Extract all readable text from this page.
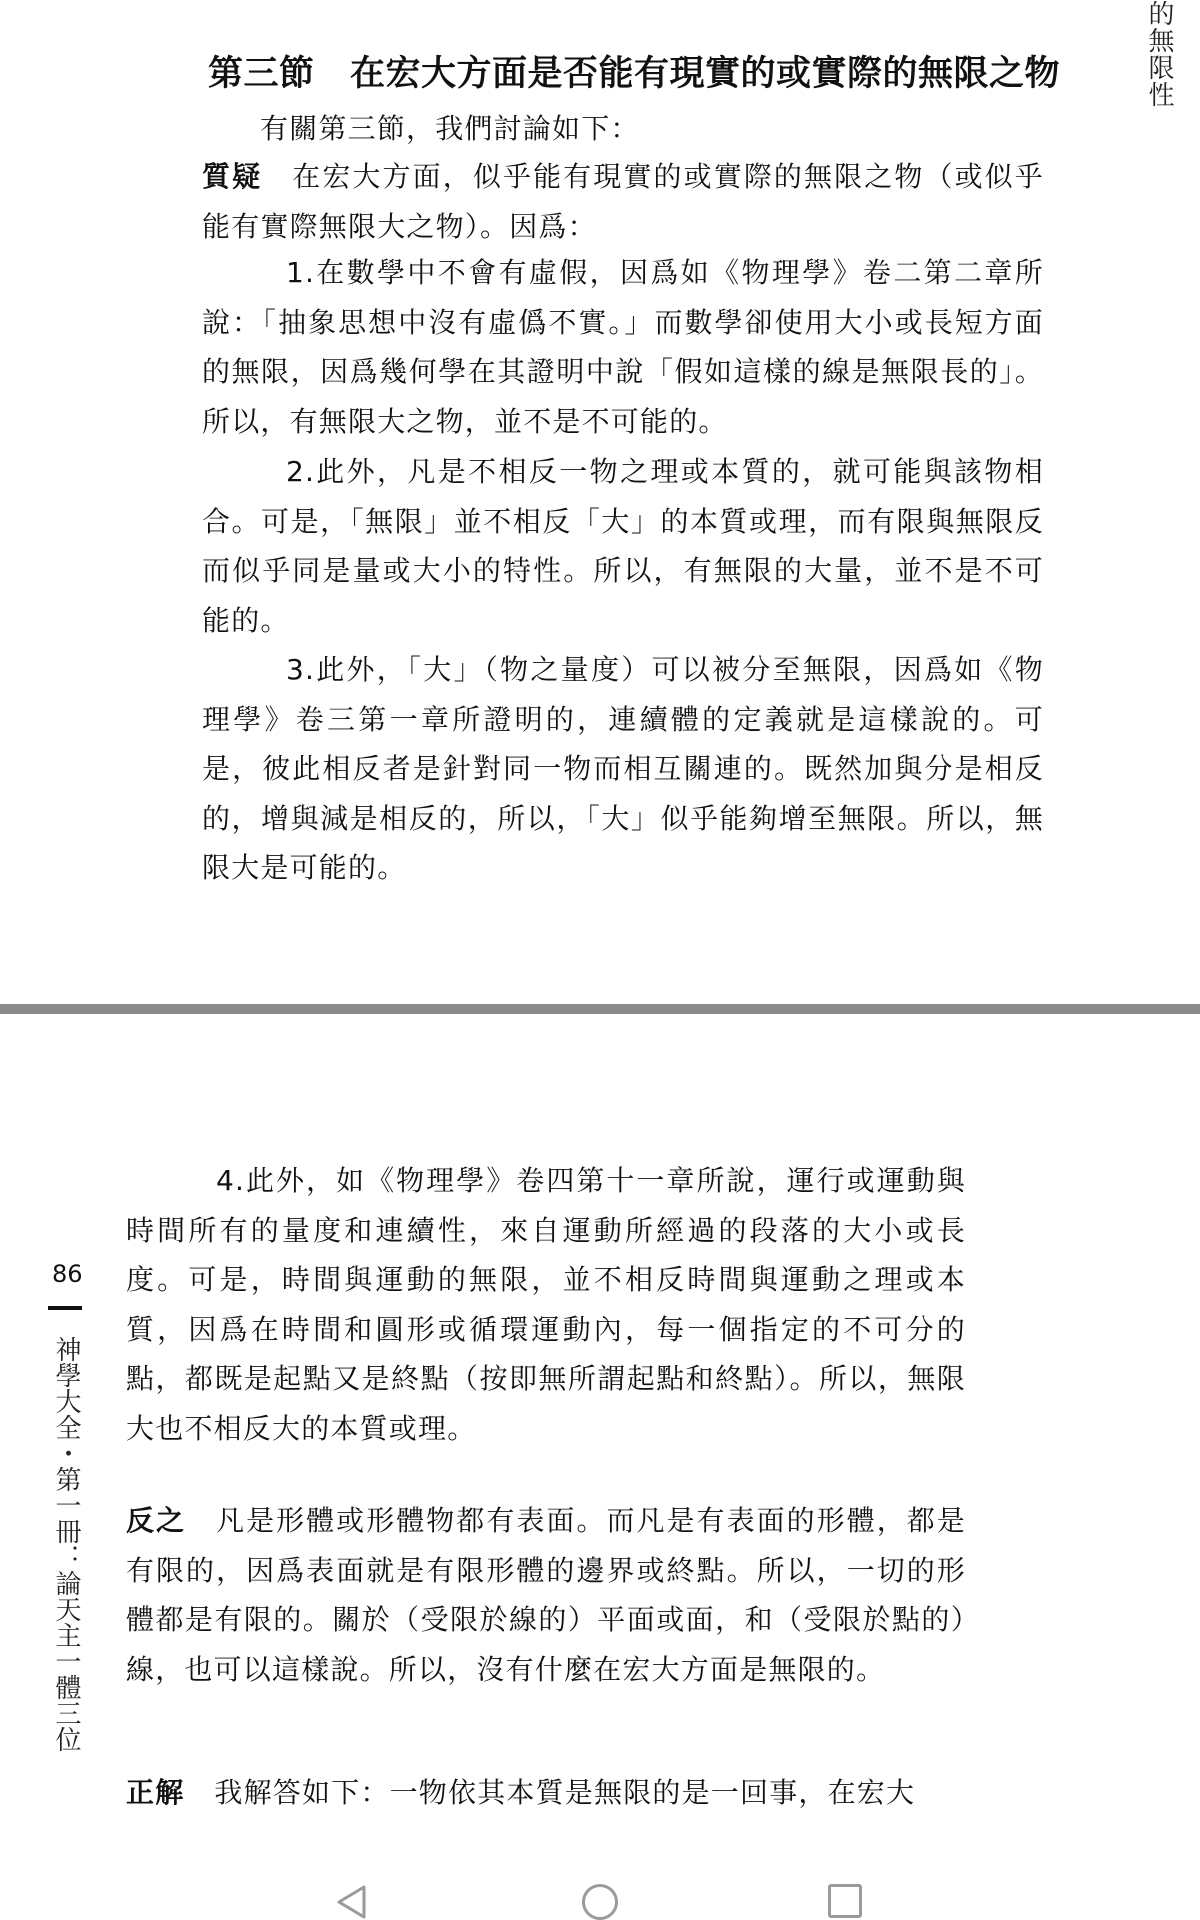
的無限性
第三節　在宏大方面是否能有現實的或實際的無限之物

有關第三節，我們討論如下：

質疑 在宏大方面，似乎能有現實的或實際的無限之物（或似乎能有實際無限大之物）。因爲：

1.在數學中不會有虛假，因爲如《物理學》卷二第二章所說：「抽象思想中沒有虛僞不實。」而數學卻使用大小或長短方面的無限，因爲幾何學在其證明中說「假如這樣的線是無限長的」。所以，有無限大之物，並不是不可能的。

2.此外，凡是不相反一物之理或本質的，就可能與該物相合。可是，「無限」並不相反「大」的本質或理，而有限與無限反而似乎同是量或大小的特性。所以，有無限的大量，並不是不可能的。

3.此外，「大」（物之量度）可以被分至無限，因爲如《物理學》卷三第一章所證明的，連續體的定義就是這樣說的。可是，彼此相反者是針對同一物而相互關連的。既然加與分是相反的，增與減是相反的，所以，「大」似乎能夠增至無限。所以，無限大是可能的。

86
神學大全・第一冊：論天主一體三位

4.此外，如《物理學》卷四第十一章所說，運行或運動與時間所有的量度和連續性，來自運動所經過的段落的大小或長度。可是，時間與運動的無限，並不相反時間與運動之理或本質，因爲在時間和圓形或循環運動內，每一個指定的不可分的點，都既是起點又是終點（按即無所謂起點和終點）。所以，無限大也不相反大的本質或理。

反之 凡是形體或形體物都有表面。而凡是有表面的形體，都是有限的，因爲表面就是有限形體的邊界或終點。所以，一切的形體都是有限的。關於（受限於線的）平面或面，和（受限於點的）線，也可以這樣說。所以，沒有什麼在宏大方面是無限的。

正解 我解答如下：一物依其本質是無限的是一回事，在宏大
